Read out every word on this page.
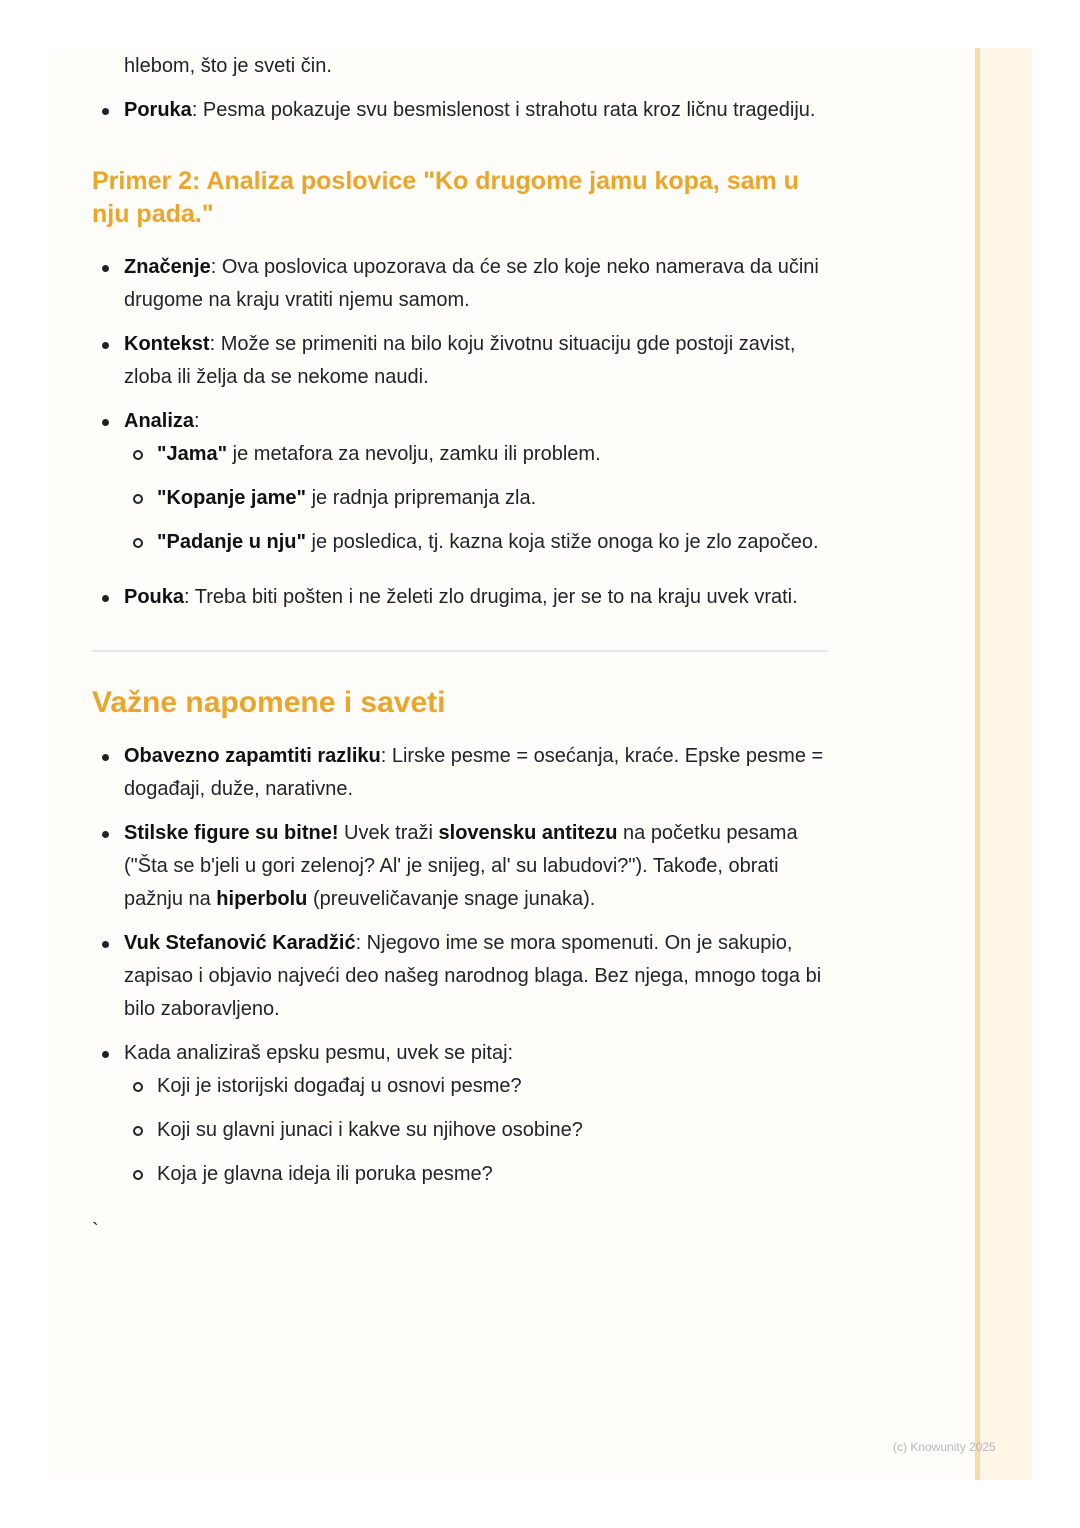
hlebom, što je sveti čin.

Poruka: Pesma pokazuje svu besmislenost i strahotu rata kroz ličnu tragediju.
Primer 2: Analiza poslovice "Ko drugome jamu kopa, sam u nju pada."
Značenje: Ova poslovica upozorava da će se zlo koje neko namerava da učini drugome na kraju vratiti njemu samom.
Kontekst: Može se primeniti na bilo koju životnu situaciju gde postoji zavist, zloba ili želja da se nekome naudi.
Analiza:
"Jama" je metafora za nevolju, zamku ili problem.
"Kopanje jame" je radnja pripremanja zla.
"Padanje u nju" je posledica, tj. kazna koja stiže onoga ko je zlo započeo.
Pouka: Treba biti pošten i ne želeti zlo drugima, jer se to na kraju uvek vrati.
Važne napomene i saveti
Obavezno zapamtiti razliku: Lirske pesme = osećanja, kraće. Epske pesme = događaji, duže, narativne.
Stilske figure su bitne! Uvek traži slovensku antitezu na početku pesama ("Šta se b'jeli u gori zelenoj? Al' je snijeg, al' su labudovi?"). Takođe, obrati pažnju na hiperbolu (preuveličavanje snage junaka).
Vuk Stefanović Karadžić: Njegovo ime se mora spomenuti. On je sakupio, zapisao i objavio najveći deo našeg narodnog blaga. Bez njega, mnogo toga bi bilo zaboravljeno.
Kada analiziraš epsku pesmu, uvek se pitaj:
Koji je istorijski događaj u osnovi pesme?
Koji su glavni junaci i kakve su njihove osobine?
Koja je glavna ideja ili poruka pesme?

`

(c) Knowunity 2025
